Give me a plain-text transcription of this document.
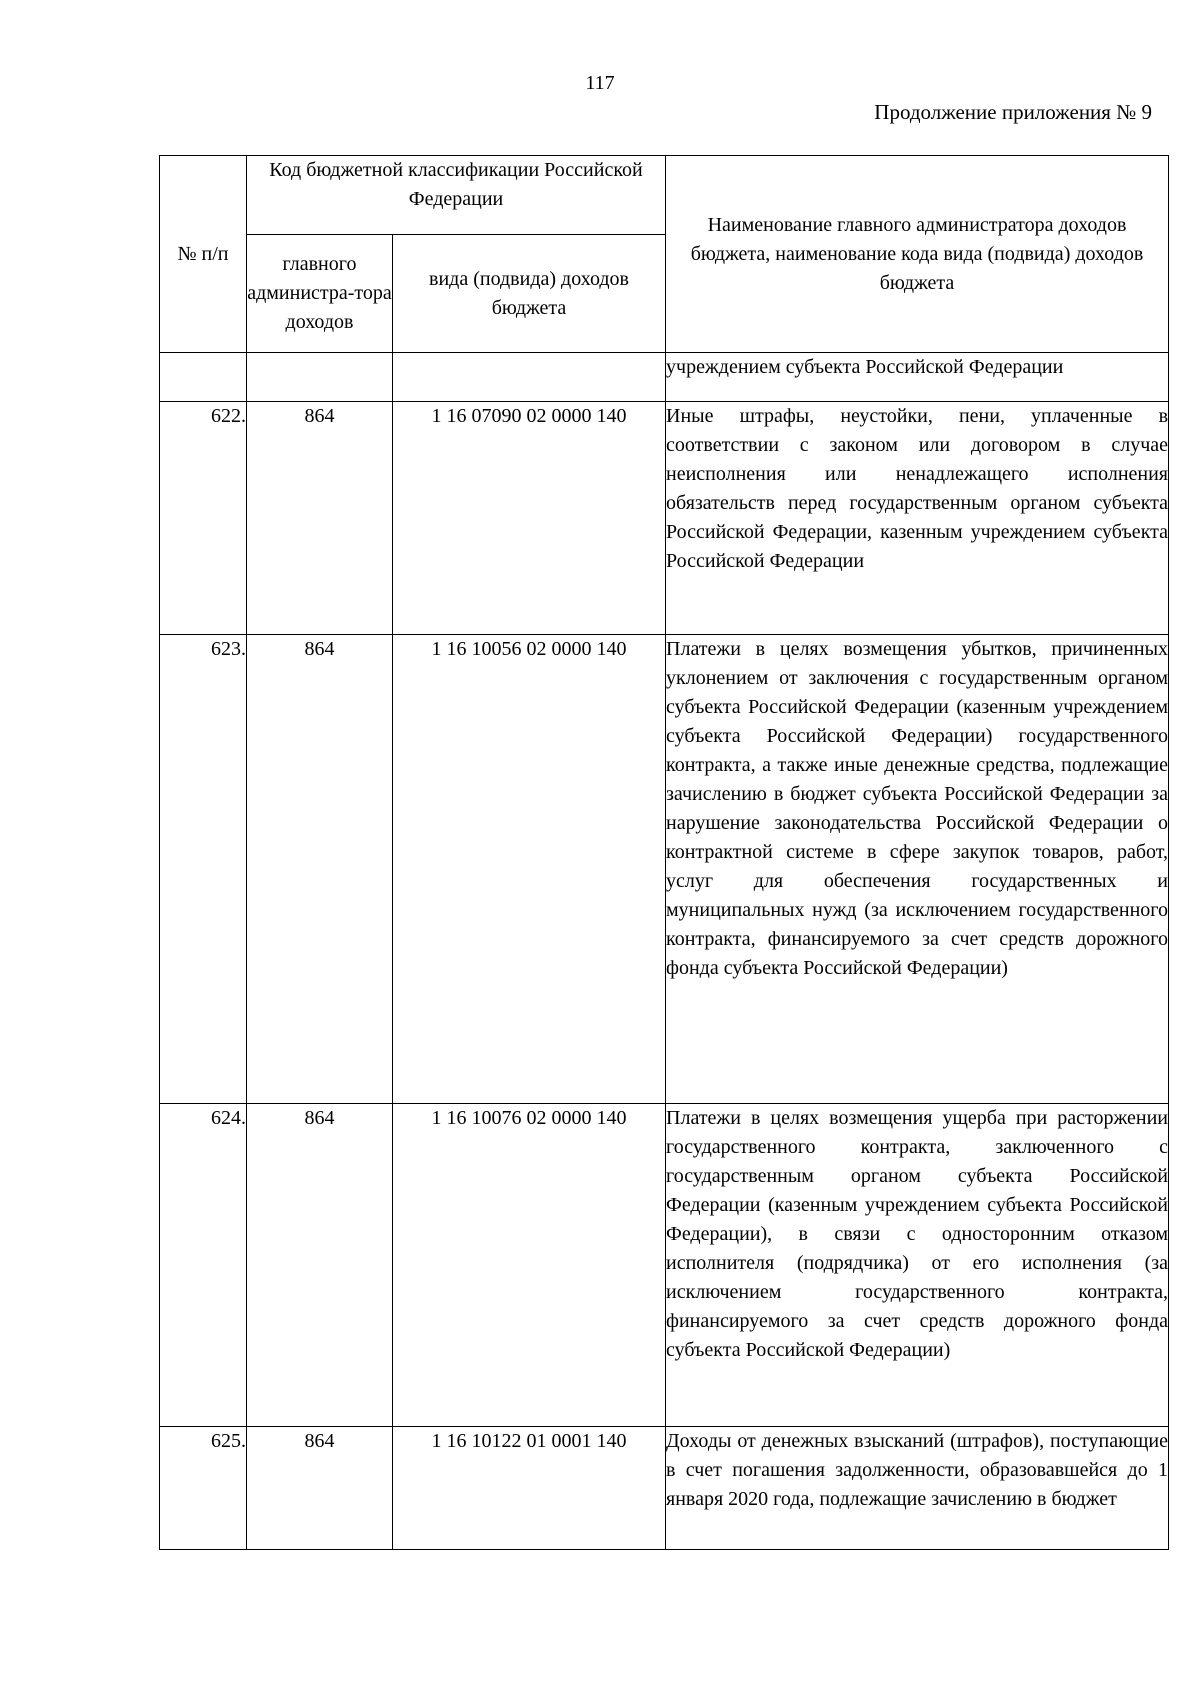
117
Продолжение приложения № 9
№ п/п	Код бюджетной классификации Российской Федерации		Наименование главного администратора доходов бюджета, наименование кода вида (подвида) доходов бюджета
	главного администра-тора доходов	вида (подвида) доходов бюджета	
			учреждением субъекта Российской Федерации
622.	864	1 16 07090 02 0000 140	Иные штрафы, неустойки, пени, уплаченные в соответствии с законом или договором в случае неисполнения или ненадлежащего исполнения обязательств перед государственным органом субъекта Российской Федерации, казенным учреждением субъекта Российской Федерации
623.	864	1 16 10056 02 0000 140	Платежи в целях возмещения убытков, причиненных уклонением от заключения с государственным органом субъекта Российской Федерации (казенным учреждением субъекта Российской Федерации) государственного контракта, а также иные денежные средства, подлежащие зачислению в бюджет субъекта Российской Федерации за нарушение законодательства Российской Федерации о контрактной системе в сфере закупок товаров, работ, услуг для обеспечения государственных и муниципальных нужд (за исключением государственного контракта, финансируемого за счет средств дорожного фонда субъекта Российской Федерации)
624.	864	1 16 10076 02 0000 140	Платежи в целях возмещения ущерба при расторжении государственного контракта, заключенного с государственным органом субъекта Российской Федерации (казенным учреждением субъекта Российской Федерации), в связи с односторонним отказом исполнителя (подрядчика) от его исполнения (за исключением государственного контракта, финансируемого за счет средств дорожного фонда субъекта Российской Федерации)
625.	864	1 16 10122 01 0001 140	Доходы от денежных взысканий (штрафов), поступающие в счет погашения задолженности, образовавшейся до 1 января 2020 года, подлежащие зачислению в бюджет
